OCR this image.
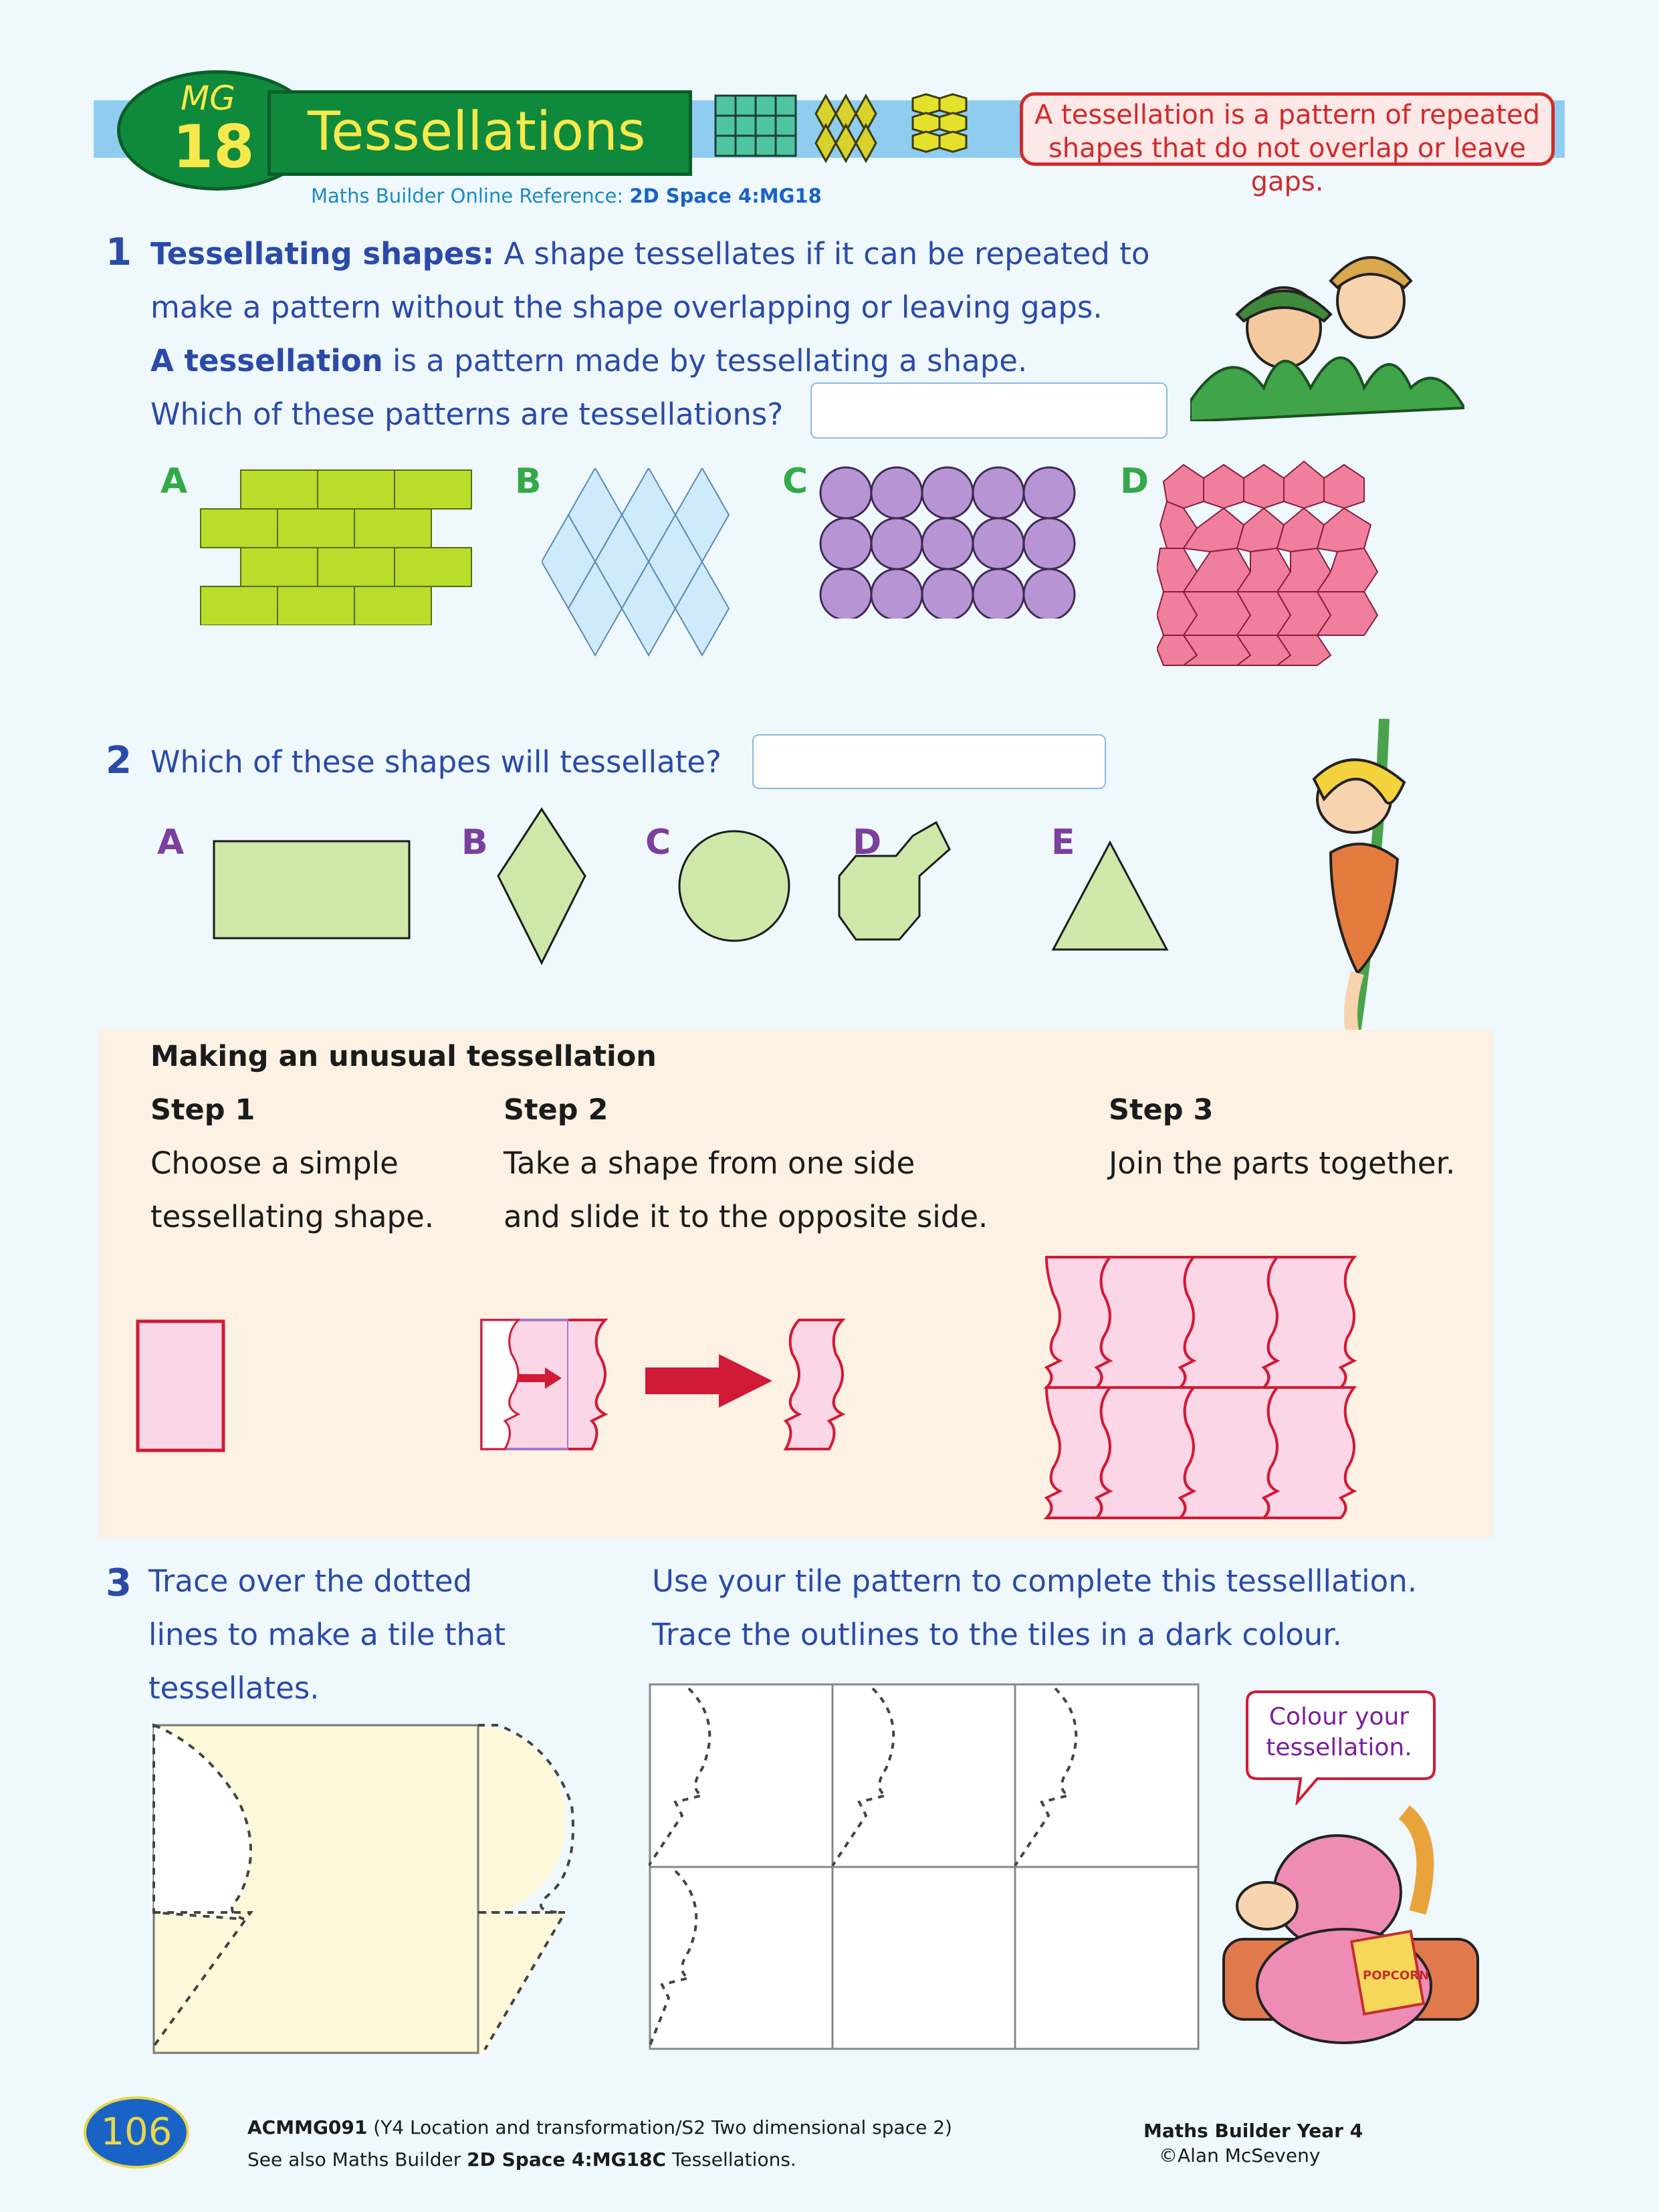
MG
18 Tessellations	A tessellation is a pattern of repeated
shapes that do not overlap or leave gaps.
Maths Builder Online Reference: 2D Space 4:MG18
1 Tessellating shapes: A shape tessellates if it can be repeated to
make a pattern without the shape overlapping or leaving gaps.
A tessellation is a pattern made by tessellating a shape.
Which of these patterns are tessellations?
A	B	C	D
2 Which of these shapes will tessellate?
A	B	C	D	E
Making an unusual tessellation
Step 1
Choose a simple
tessellating shape.
Step 2
Take a shape from one side
and slide it to the opposite side.
Step 3
Join the parts together.
3 Trace over the dotted
lines to make a tile that
tessellates.
Use your tile pattern to complete this tesselllation.
Trace the outlines to the tiles in a dark colour.
Colour your
tessellation.
POPCORN
106	ACMMG091 (Y4 Location and transformation/S2 Two dimensional space 2)
See also Maths Builder 2D Space 4:MG18C Tessellations.
Maths Builder Year 4
©Alan McSeveny
